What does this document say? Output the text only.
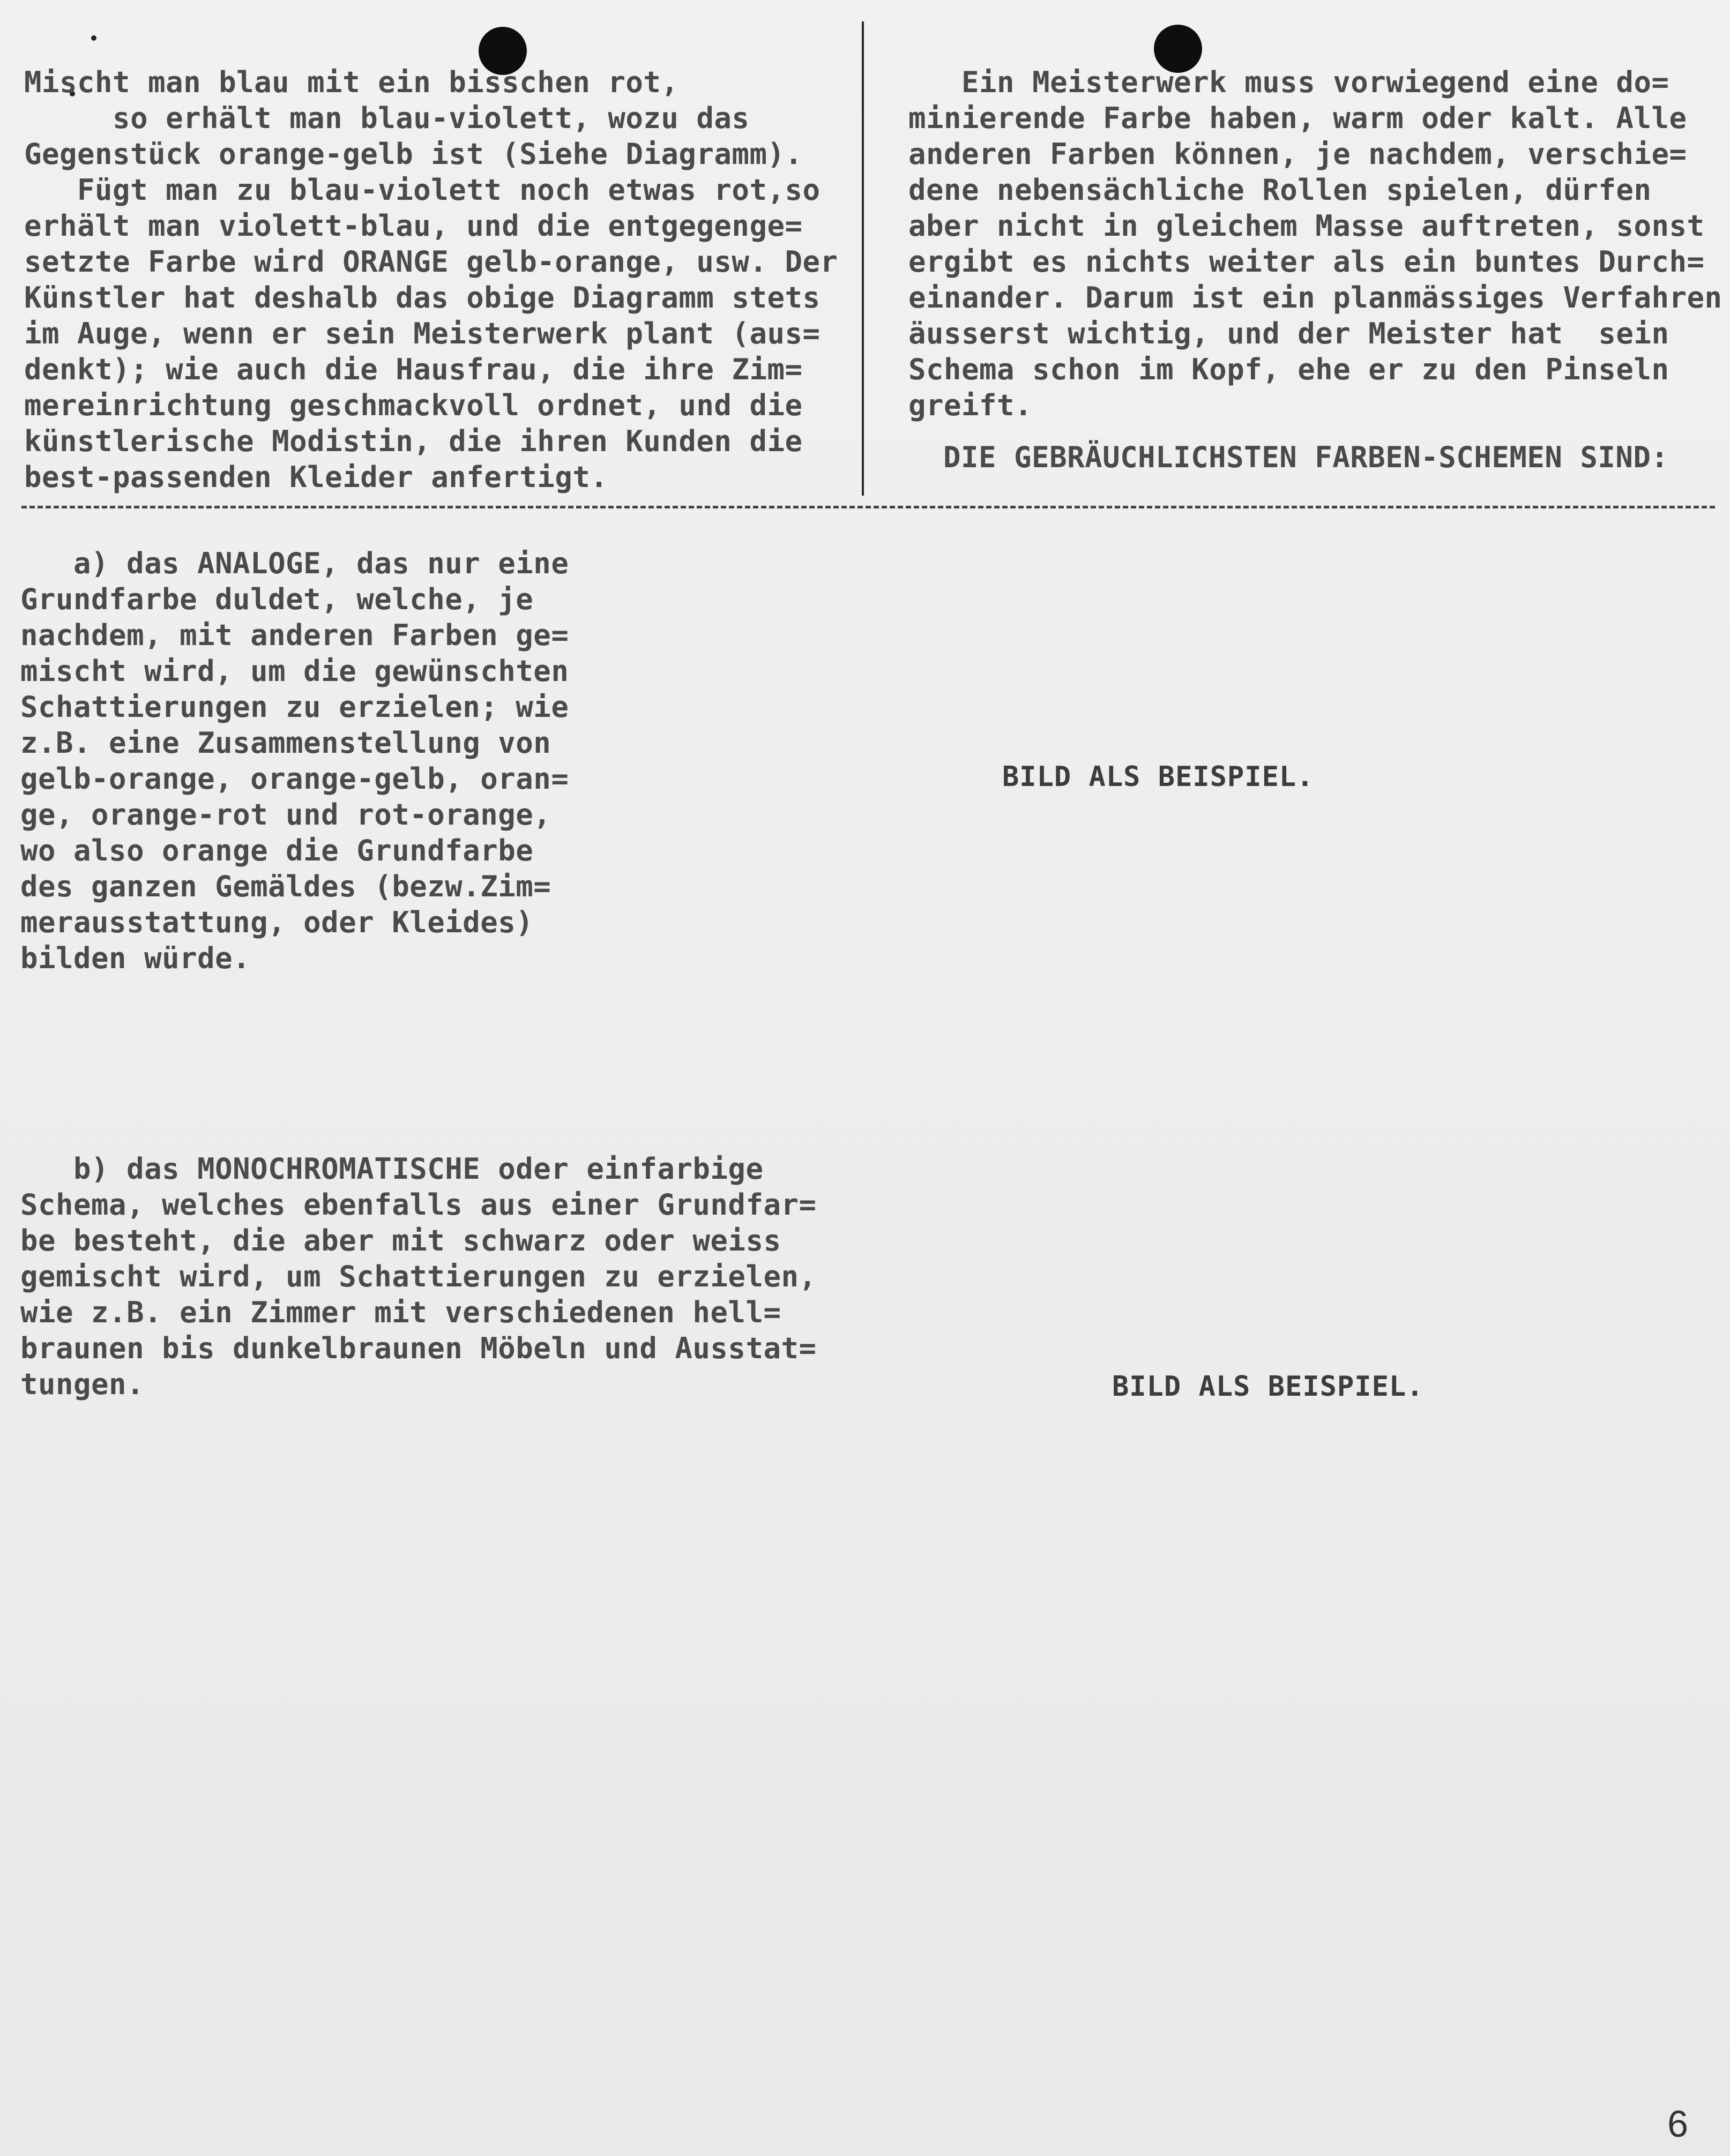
Mischt man blau mit ein bisschen rot,
so erhält man blau-violett, wozu das
Gegenstück orange-gelb ist (Siehe Diagramm).
Fügt man zu blau-violett noch etwas rot,so
erhält man violett-blau, und die entgegenge=
setzte Farbe wird ORANGE gelb-orange, usw. Der
Künstler hat deshalb das obige Diagramm stets
im Auge, wenn er sein Meisterwerk plant (aus=
denkt); wie auch die Hausfrau, die ihre Zim=
mereinrichtung geschmackvoll ordnet, und die
künstlerische Modistin, die ihren Kunden die
best-passenden Kleider anfertigt.
Ein Meisterwerk muss vorwiegend eine do=
minierende Farbe haben, warm oder kalt. Alle
anderen Farben können, je nachdem, verschie=
dene nebensächliche Rollen spielen, dürfen
aber nicht in gleichem Masse auftreten, sonst
ergibt es nichts weiter als ein buntes Durch=
einander. Darum ist ein planmässiges Verfahren
äusserst wichtig, und der Meister hat  sein
Schema schon im Kopf, ehe er zu den Pinseln
greift.
DIE GEBRÄUCHLICHSTEN FARBEN-SCHEMEN SIND:
a) das ANALOGE, das nur eine
Grundfarbe duldet, welche, je
nachdem, mit anderen Farben ge=
mischt wird, um die gewünschten
Schattierungen zu erzielen; wie
z.B. eine Zusammenstellung von
gelb-orange, orange-gelb, oran=
ge, orange-rot und rot-orange,
wo also orange die Grundfarbe
des ganzen Gemäldes (bezw.Zim=
merausstattung, oder Kleides)
bilden würde.

BILD ALS BEISPIEL.

b) das MONOCHROMATISCHE oder einfarbige
Schema, welches ebenfalls aus einer Grundfar=
be besteht, die aber mit schwarz oder weiss
gemischt wird, um Schattierungen zu erzielen,
wie z.B. ein Zimmer mit verschiedenen hell=
braunen bis dunkelbraunen Möbeln und Ausstat=
tungen.	BILD ALS BEISPIEL.

6
